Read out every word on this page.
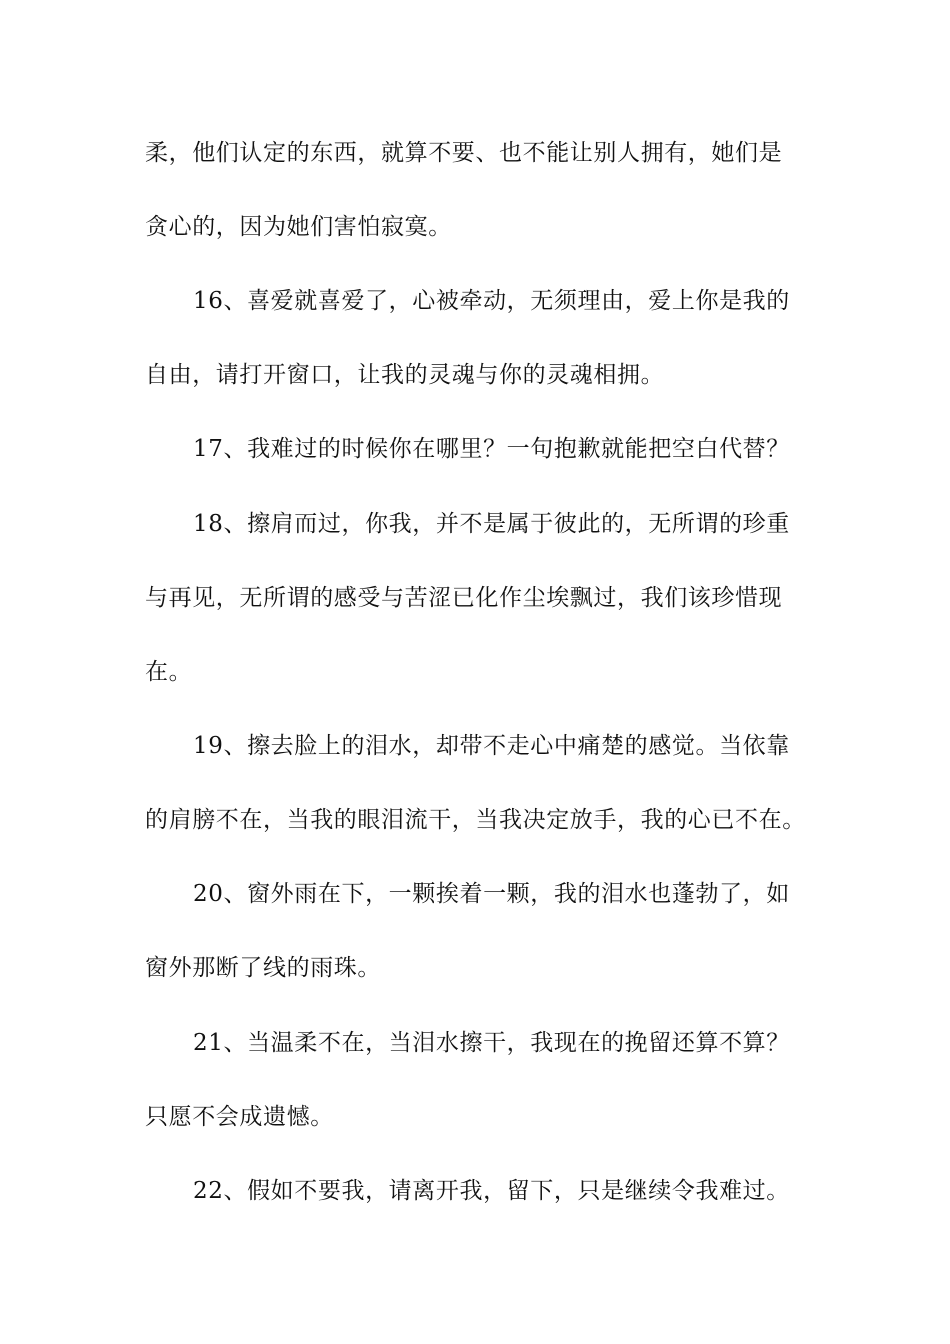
柔，他们认定的东西，就算不要、也不能让别人拥有，她们是
贪心的，因为她们害怕寂寞。
16、喜爱就喜爱了，心被牵动，无须理由，爱上你是我的
自由，请打开窗口，让我的灵魂与你的灵魂相拥。
17、我难过的时候你在哪里？一句抱歉就能把空白代替？
18、擦肩而过，你我，并不是属于彼此的，无所谓的珍重
与再见，无所谓的感受与苦涩已化作尘埃飘过，我们该珍惜现
在。
19、擦去脸上的泪水，却带不走心中痛楚的感觉。当依靠
的肩膀不在，当我的眼泪流干，当我决定放手，我的心已不在。
20、窗外雨在下，一颗挨着一颗，我的泪水也蓬勃了，如
窗外那断了线的雨珠。
21、当温柔不在，当泪水擦干，我现在的挽留还算不算？
只愿不会成遗憾。
22、假如不要我，请离开我，留下，只是继续令我难过。
